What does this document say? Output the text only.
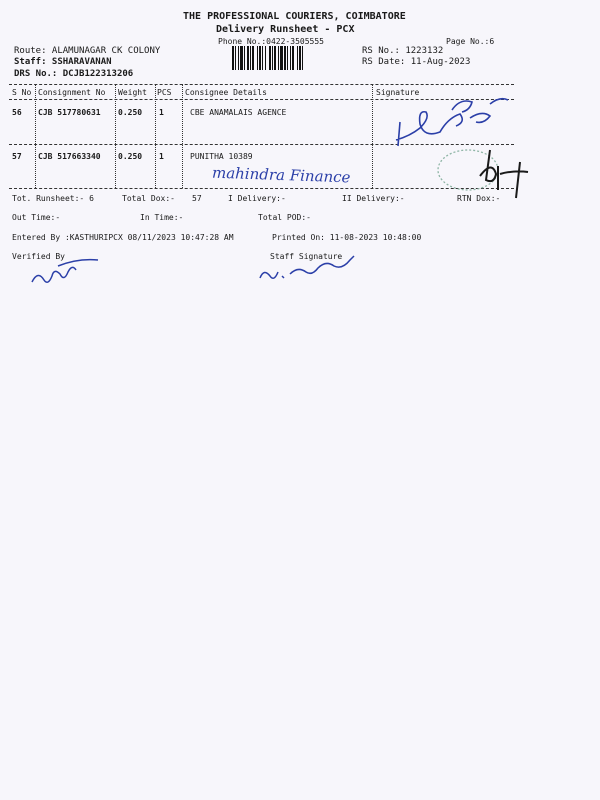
THE PROFESSIONAL COURIERS, COIMBATORE
Delivery Runsheet - PCX
Phone No.:0422-3505555	Page No.:6
Route: ALAMUNAGAR CK COLONY
Staff: SSHARAVANAN
DRS No.: DCJB122313206
RS No.: 1223132
RS Date: 11-Aug-2023
S No Consignment No Weight PCS Consignee Details	Signature
56 CJB 517780631 0.250 1	CBE ANAMALAIS AGENCE
57 CJB 517663340 0.250 1	PUNITHA 10389
mahindra Finance
Tot. Runsheet:- 6	Total Dox:- 57	I Delivery:-	II Delivery:-	RTN Dox:-
Out Time:-	In Time:-	Total POD:-
Entered By :KASTHURIPCX 08/11/2023 10:47:28 AM	Printed On: 11-08-2023 10:48:00
Verified By	Staff Signature
